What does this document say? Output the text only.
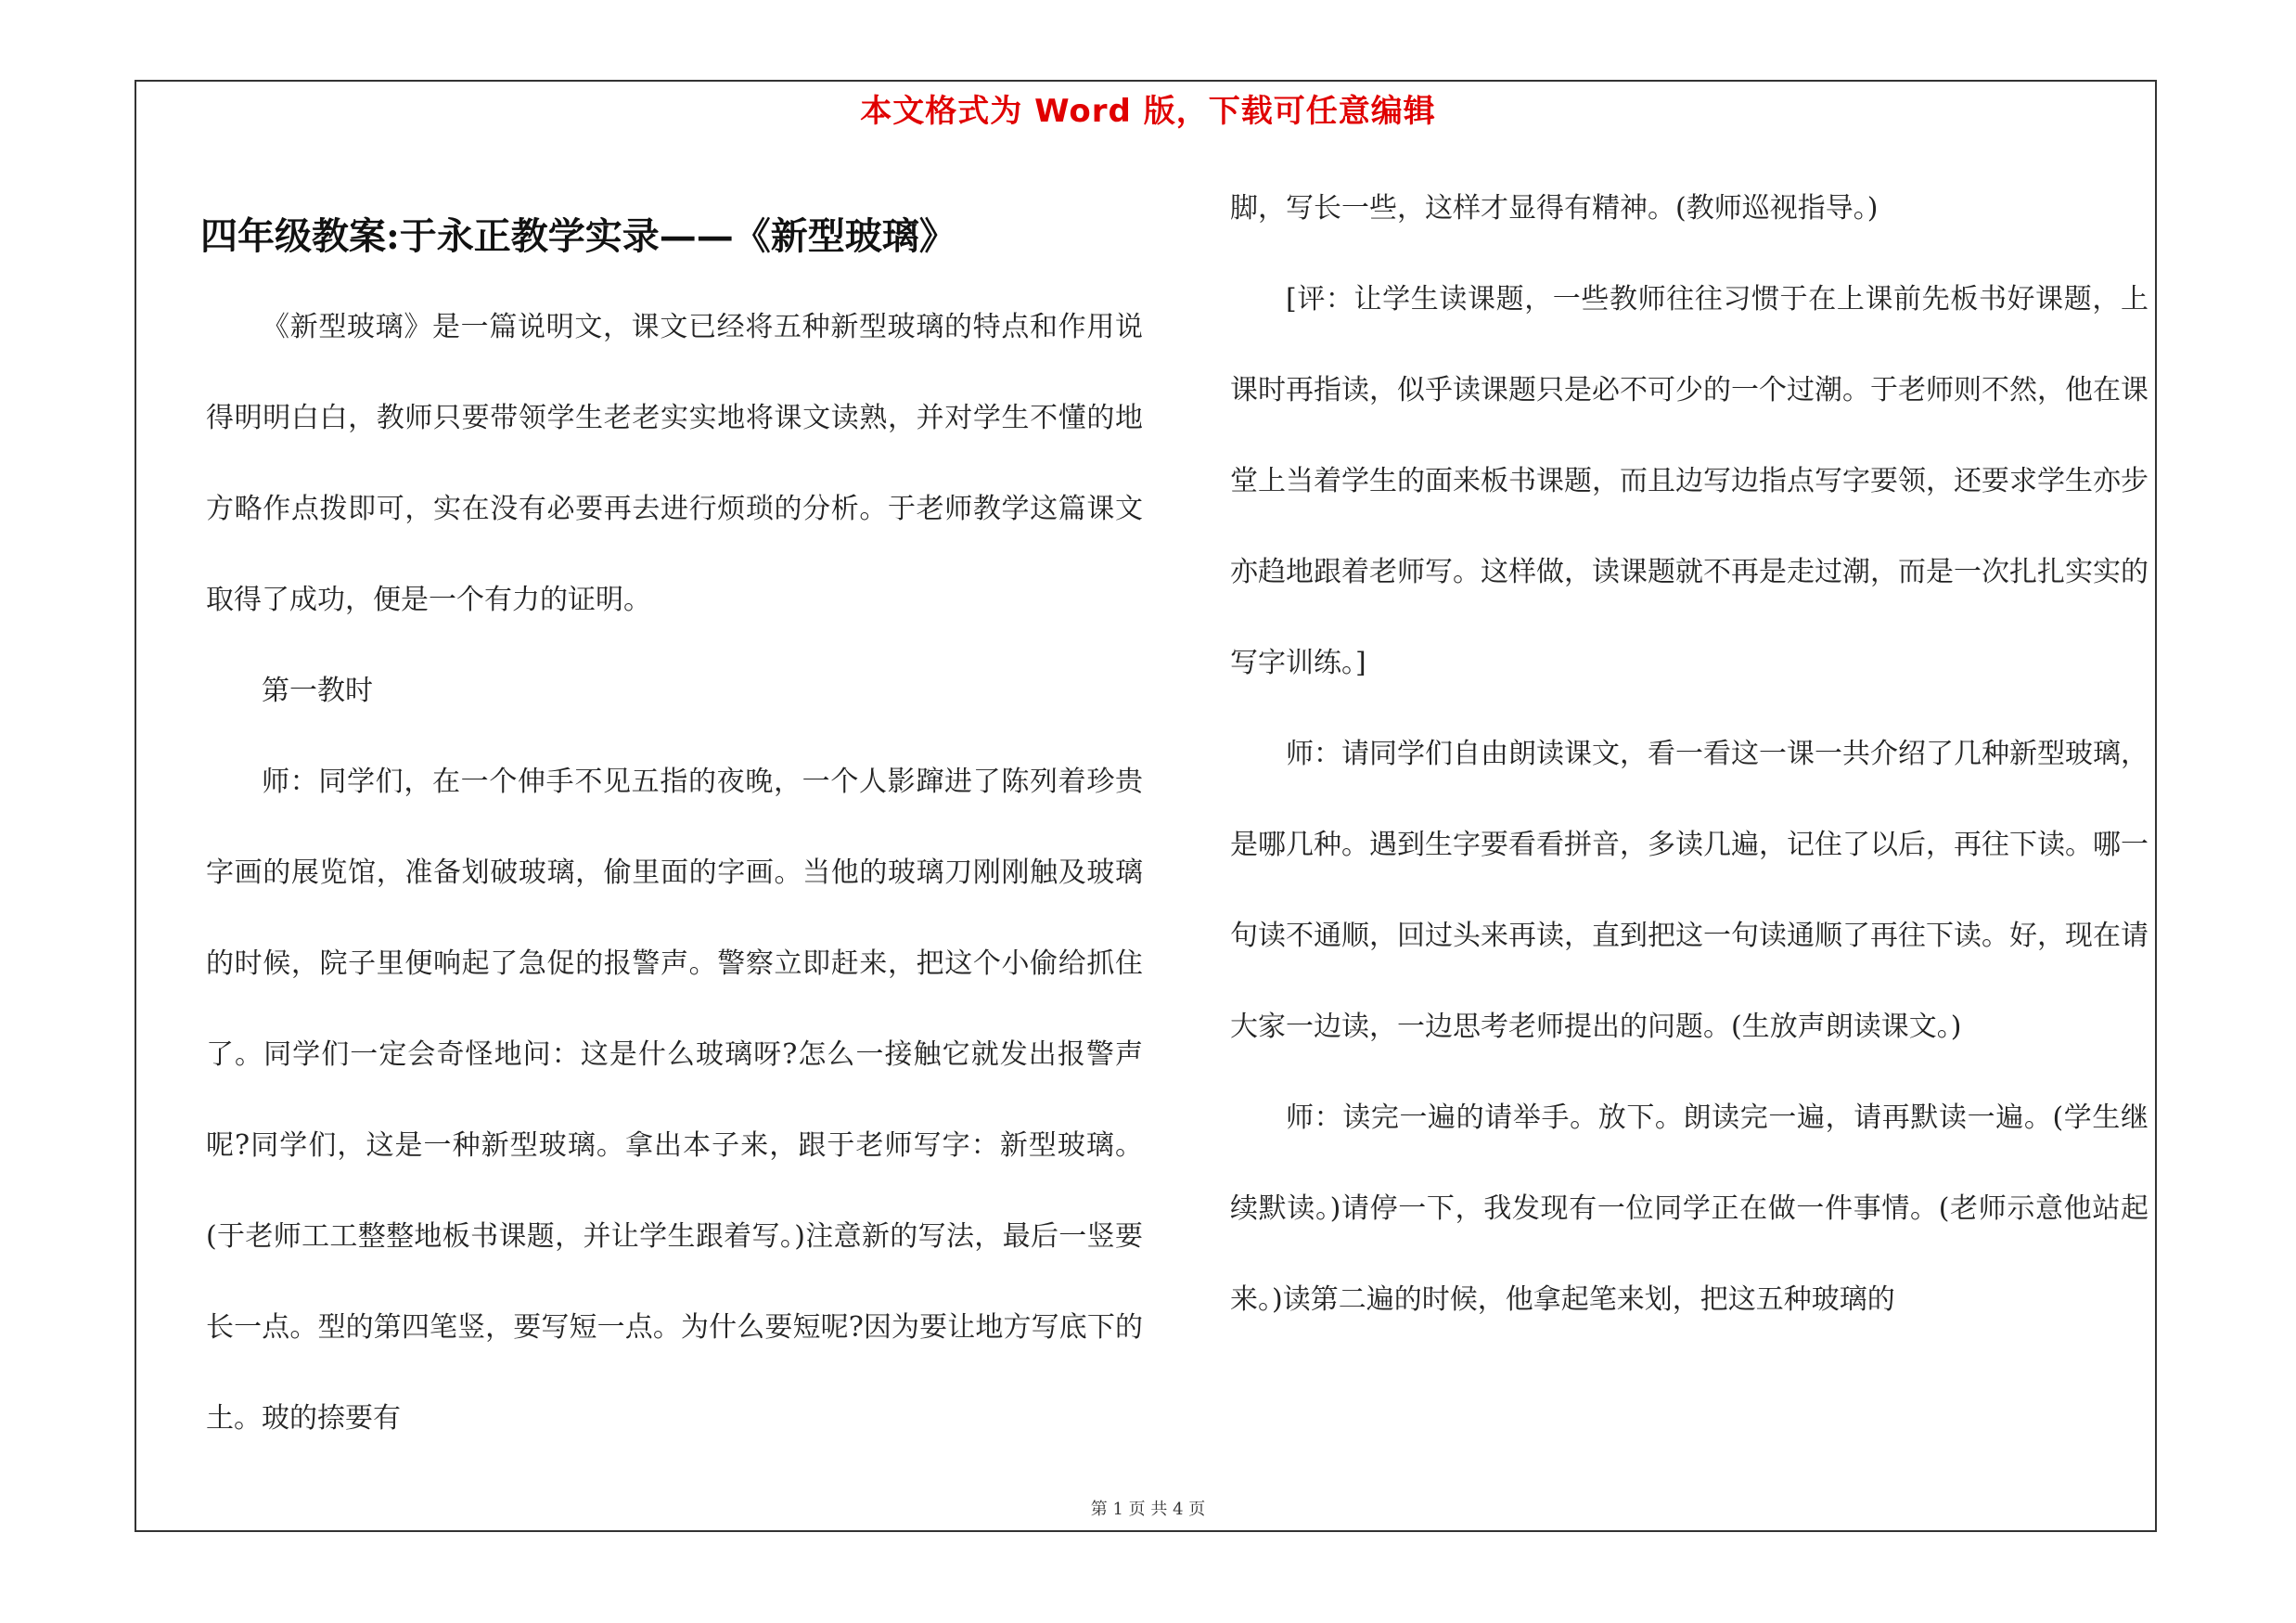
本文格式为 Word 版，下载可任意编辑
四年级教案:于永正教学实录——《新型玻璃》

《新型玻璃》是一篇说明文，课文已经将五种新型玻璃的特点和作用说得明明白白，教师只要带领学生老老实实地将课文读熟，并对学生不懂的地方略作点拨即可，实在没有必要再去进行烦琐的分析。于老师教学这篇课文取得了成功，便是一个有力的证明。

第一教时

师：同学们，在一个伸手不见五指的夜晚，一个人影蹿进了陈列着珍贵字画的展览馆，准备划破玻璃，偷里面的字画。当他的玻璃刀刚刚触及玻璃的时候，院子里便响起了急促的报警声。警察立即赶来，把这个小偷给抓住了。同学们一定会奇怪地问：这是什么玻璃呀?怎么一接触它就发出报警声呢?同学们，这是一种新型玻璃。拿出本子来，跟于老师写字：新型玻璃。(于老师工工整整地板书课题，并让学生跟着写。)注意新的写法，最后一竖要长一点。型的第四笔竖，要写短一点。为什么要短呢?因为要让地方写底下的土。玻的捺要有

脚，写长一些，这样才显得有精神。(教师巡视指导。)

[评：让学生读课题，一些教师往往习惯于在上课前先板书好课题，上课时再指读，似乎读课题只是必不可少的一个过潮。于老师则不然，他在课堂上当着学生的面来板书课题，而且边写边指点写字要领，还要求学生亦步亦趋地跟着老师写。这样做，读课题就不再是走过潮，而是一次扎扎实实的写字训练。]

师：请同学们自由朗读课文，看一看这一课一共介绍了几种新型玻璃，是哪几种。遇到生字要看看拼音，多读几遍，记住了以后，再往下读。哪一句读不通顺，回过头来再读，直到把这一句读通顺了再往下读。好，现在请大家一边读，一边思考老师提出的问题。(生放声朗读课文。)

师：读完一遍的请举手。放下。朗读完一遍，请再默读一遍。(学生继续默读。)请停一下，我发现有一位同学正在做一件事情。(老师示意他站起来。)读第二遍的时候，他拿起笔来划，把这五种玻璃的

第 1 页 共 4 页
